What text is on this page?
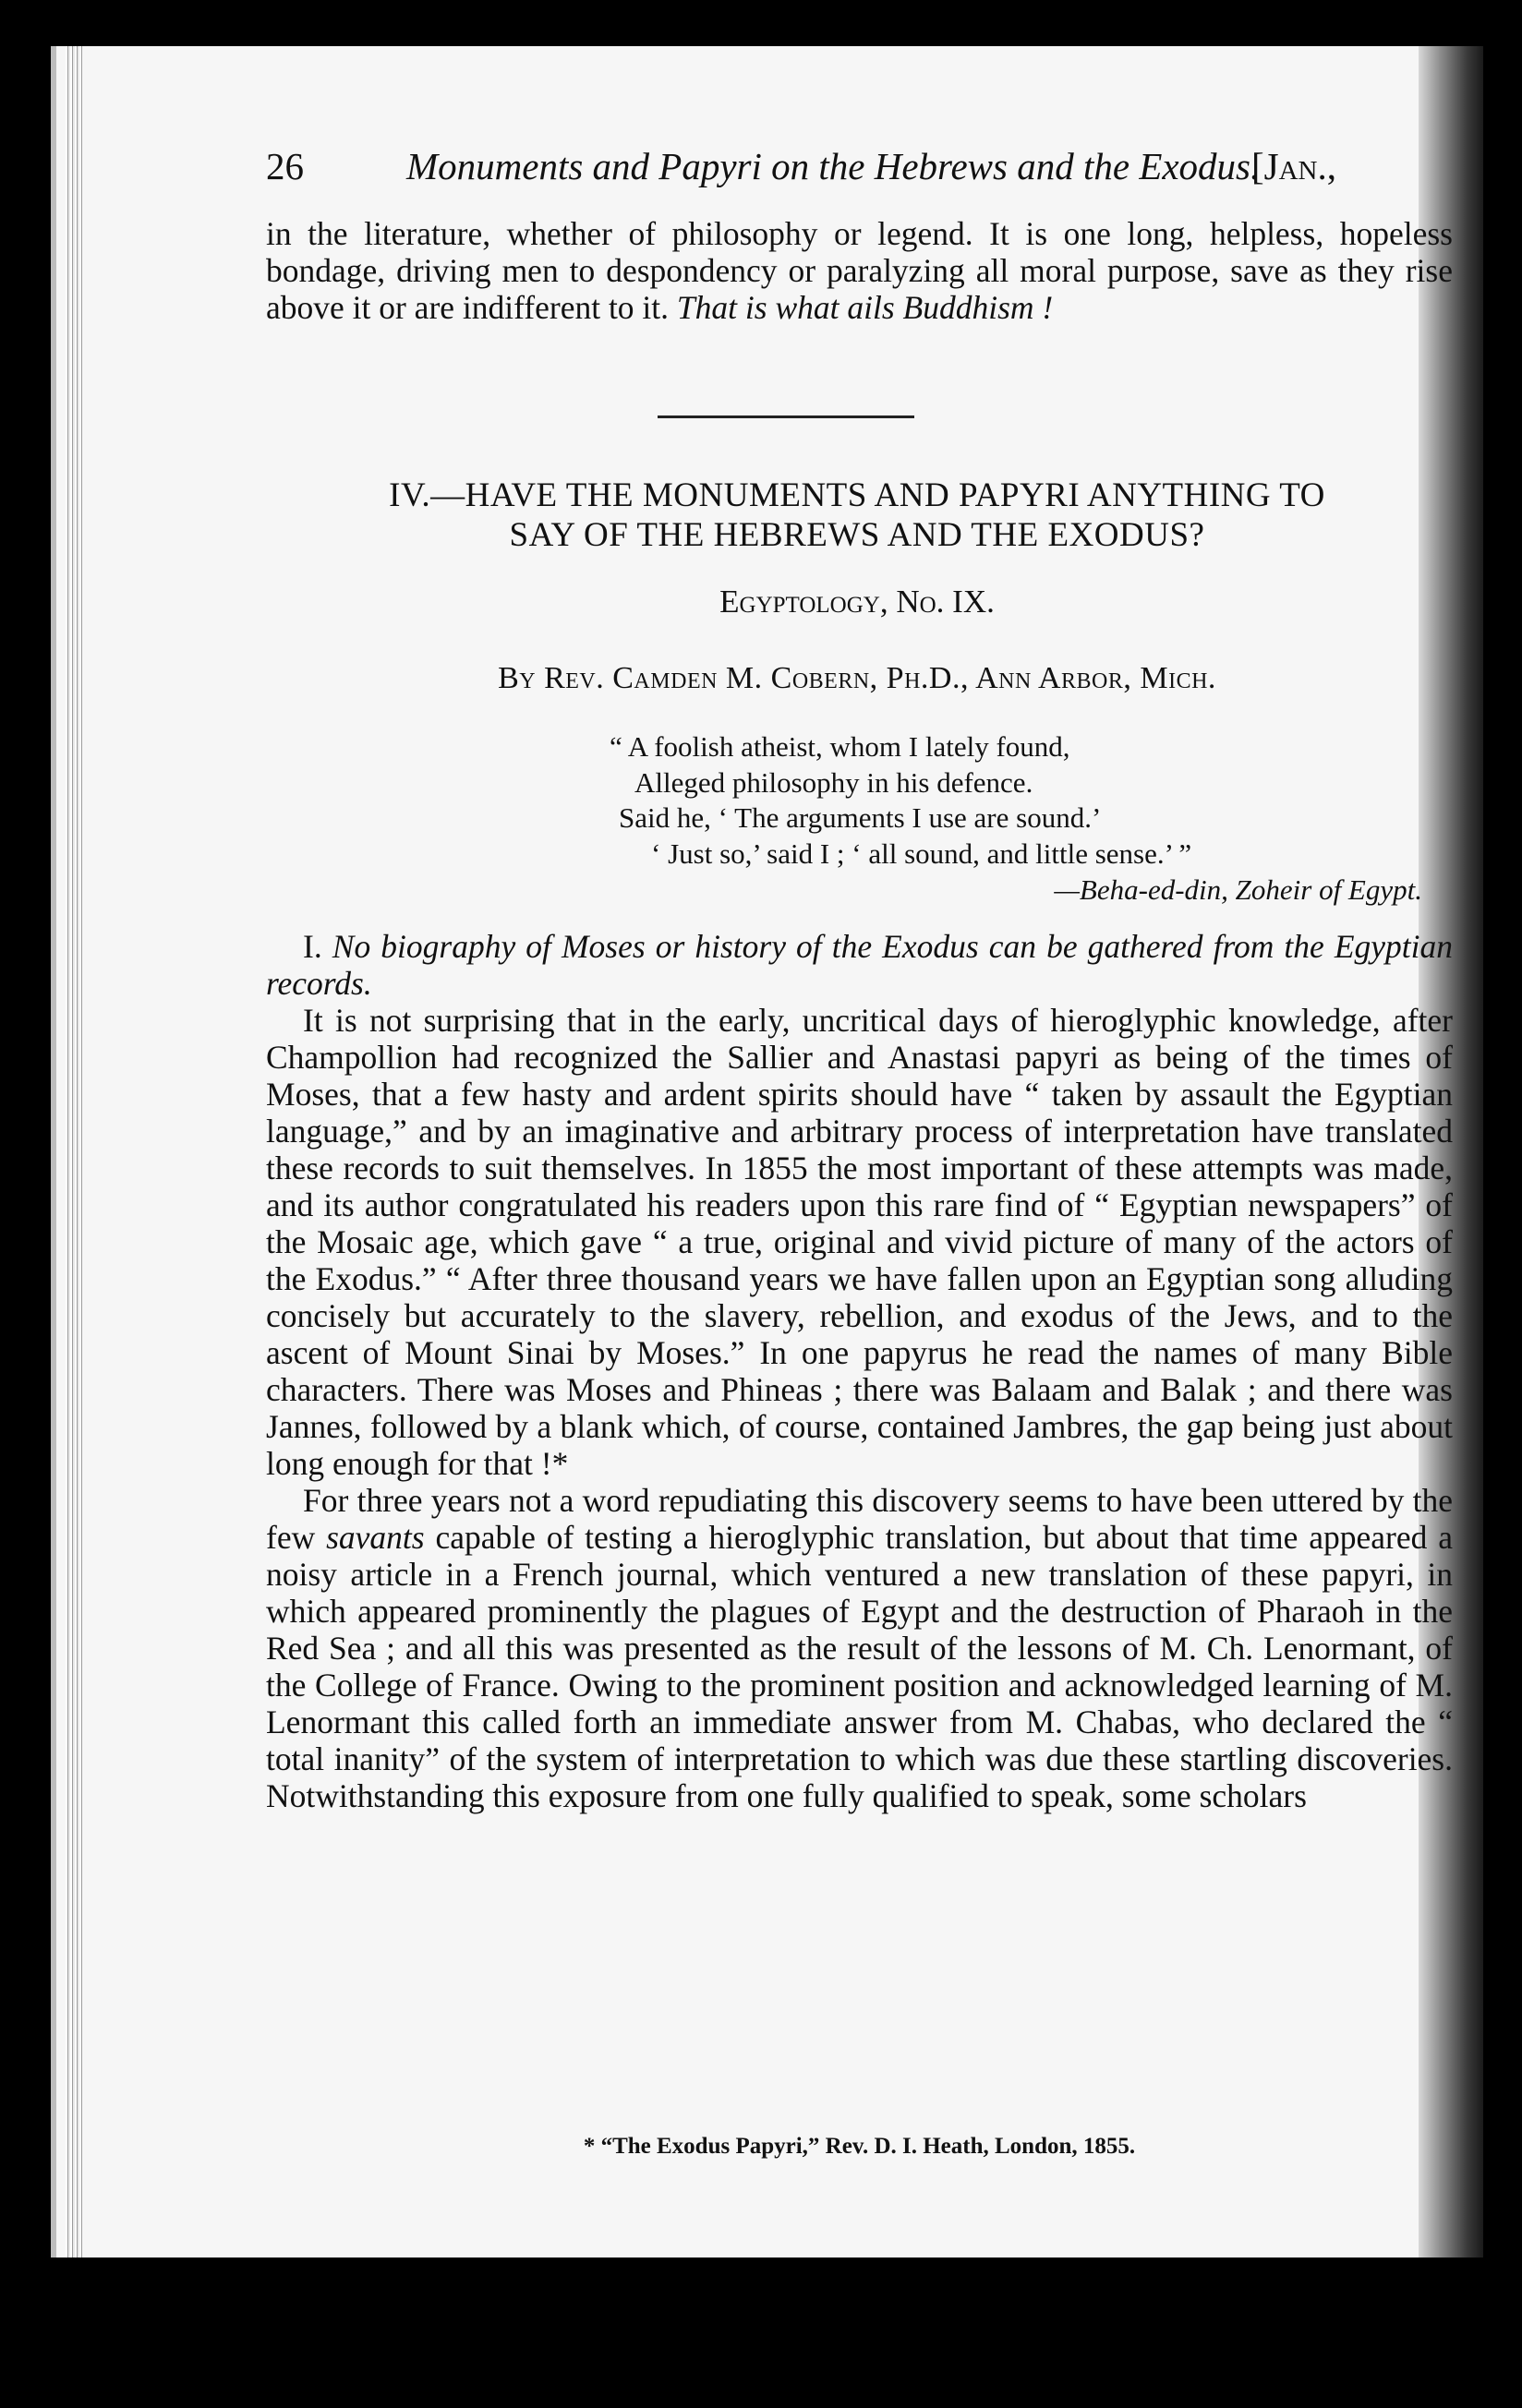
26	Monuments and Papyri on the Hebrews and the Exodus.
[Jan.,

in the literature, whether of philosophy or legend. It is one long, helpless, hopeless bondage, driving men to despondency or paralyzing all moral purpose, save as they rise above it or are indifferent to it. That is what ails Buddhism !

IV.—HAVE THE MONUMENTS AND PAPYRI ANYTHING TO
SAY OF THE HEBREWS AND THE EXODUS?
Egyptology, No. IX.
By Rev. Camden M. Cobern, Ph.D., Ann Arbor, Mich.
“ A foolish atheist, whom I lately found,
Alleged philosophy in his defence.
Said he, ‘ The arguments I use are sound.’
‘ Just so,’ said I ; ‘ all sound, and little sense.’ ”
—Beha-ed-din, Zoheir of Egypt.

I. No biography of Moses or history of the Exodus can be gathered from the Egyptian records.

It is not surprising that in the early, uncritical days of hieroglyphic knowledge, after Champollion had recognized the Sallier and Anastasi papyri as being of the times of Moses, that a few hasty and ardent spirits should have “ taken by assault the Egyptian language,” and by an imaginative and arbitrary process of interpretation have translated these records to suit themselves. In 1855 the most important of these attempts was made, and its author congratulated his readers upon this rare find of “ Egyptian newspapers” of the Mosaic age, which gave “ a true, original and vivid picture of many of the actors of the Exodus.” “ After three thousand years we have fallen upon an Egyptian song alluding concisely but accurately to the slavery, rebellion, and exodus of the Jews, and to the ascent of Mount Sinai by Moses.” In one papyrus he read the names of many Bible characters. There was Moses and Phineas ; there was Balaam and Balak ; and there was Jannes, followed by a blank which, of course, contained Jambres, the gap being just about long enough for that !*

For three years not a word repudiating this discovery seems to have been uttered by the few savants capable of testing a hieroglyphic translation, but about that time appeared a noisy article in a French journal, which ventured a new translation of these papyri, in which appeared prominently the plagues of Egypt and the destruction of Pharaoh in the Red Sea ; and all this was presented as the result of the lessons of M. Ch. Lenormant, of the College of France. Owing to the prominent position and acknowledged learning of M. Lenormant this called forth an immediate answer from M. Chabas, who declared the “ total inanity” of the system of interpretation to which was due these startling discoveries. Notwithstanding this exposure from one fully qualified to speak, some scholars

* “The Exodus Papyri,” Rev. D. I. Heath, London, 1855.
